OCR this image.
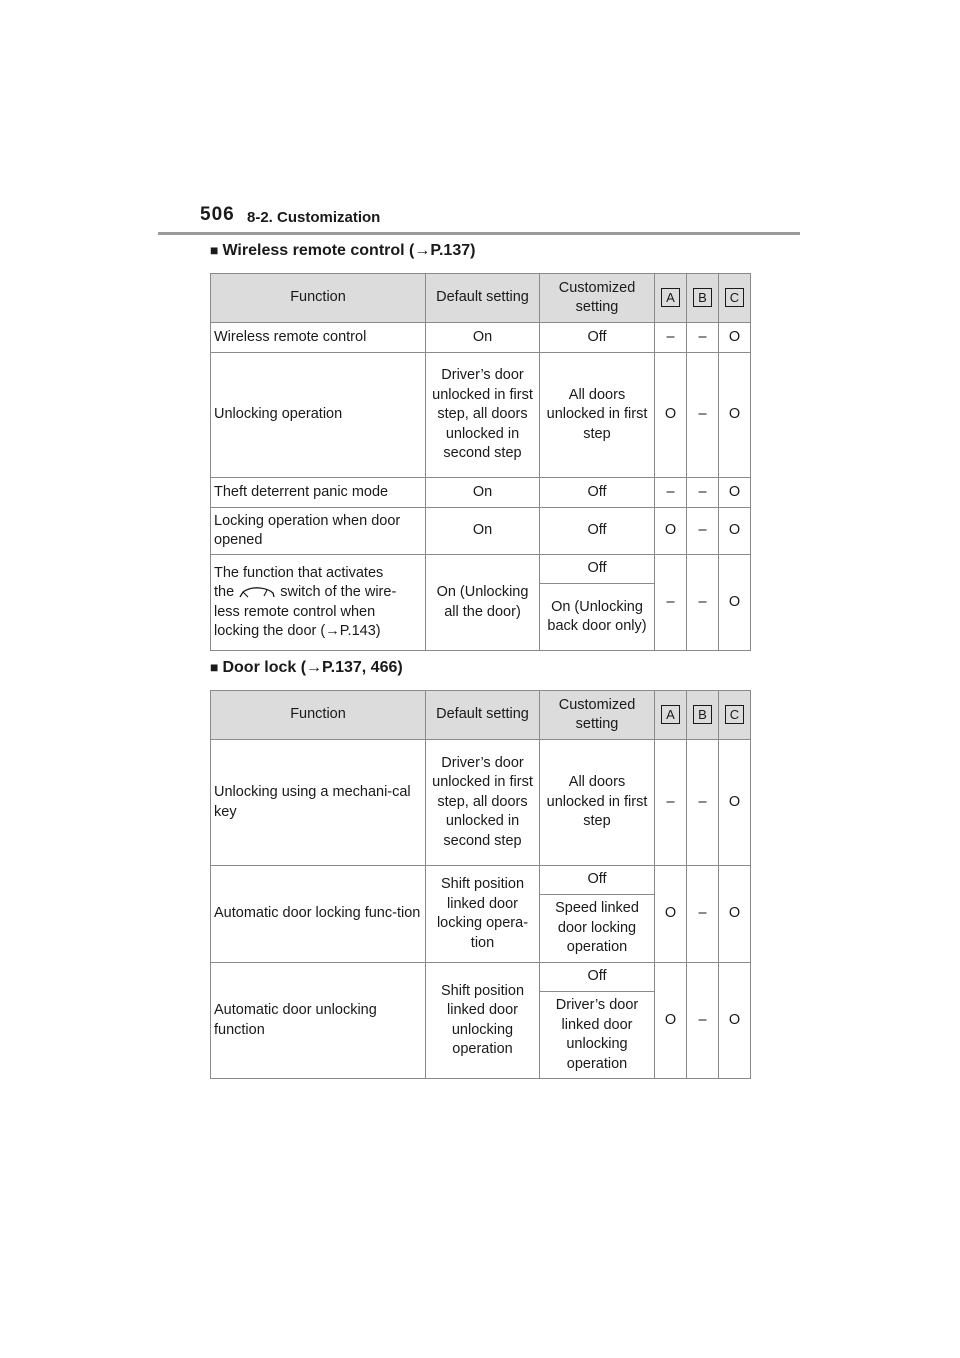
506 8-2. Customization
■ Wireless remote control (→P.137)
Function	Default setting	Customized setting	A	B	C
Wireless remote control	On	Off	–	–	O
Unlocking operation	Driver’s door unlocked in first step, all doors unlocked in second step	All doors unlocked in first step	O	–	O
Theft deterrent panic mode	On	Off	–	–	O
Locking operation when door opened	On	Off	O	–	O
The function that activates
the switch of the wire-less remote control when locking the door (→P.143)	On (Unlocking all the door)	Off	–	–	O
		On (Unlocking back door only)			
■ Door lock (→P.137, 466)
Function	Default setting	Customized setting	A	B	C
Unlocking using a mechani-cal key	Driver’s door unlocked in first step, all doors unlocked in second step	All doors unlocked in first step	–	–	O
Automatic door locking func-tion	Shift position linked door locking opera-tion	Off	O	–	O
		Speed linked door locking operation			
Automatic door unlocking function	Shift position linked door unlocking operation	Off	O	–	O
		Driver’s door linked door unlocking operation			
